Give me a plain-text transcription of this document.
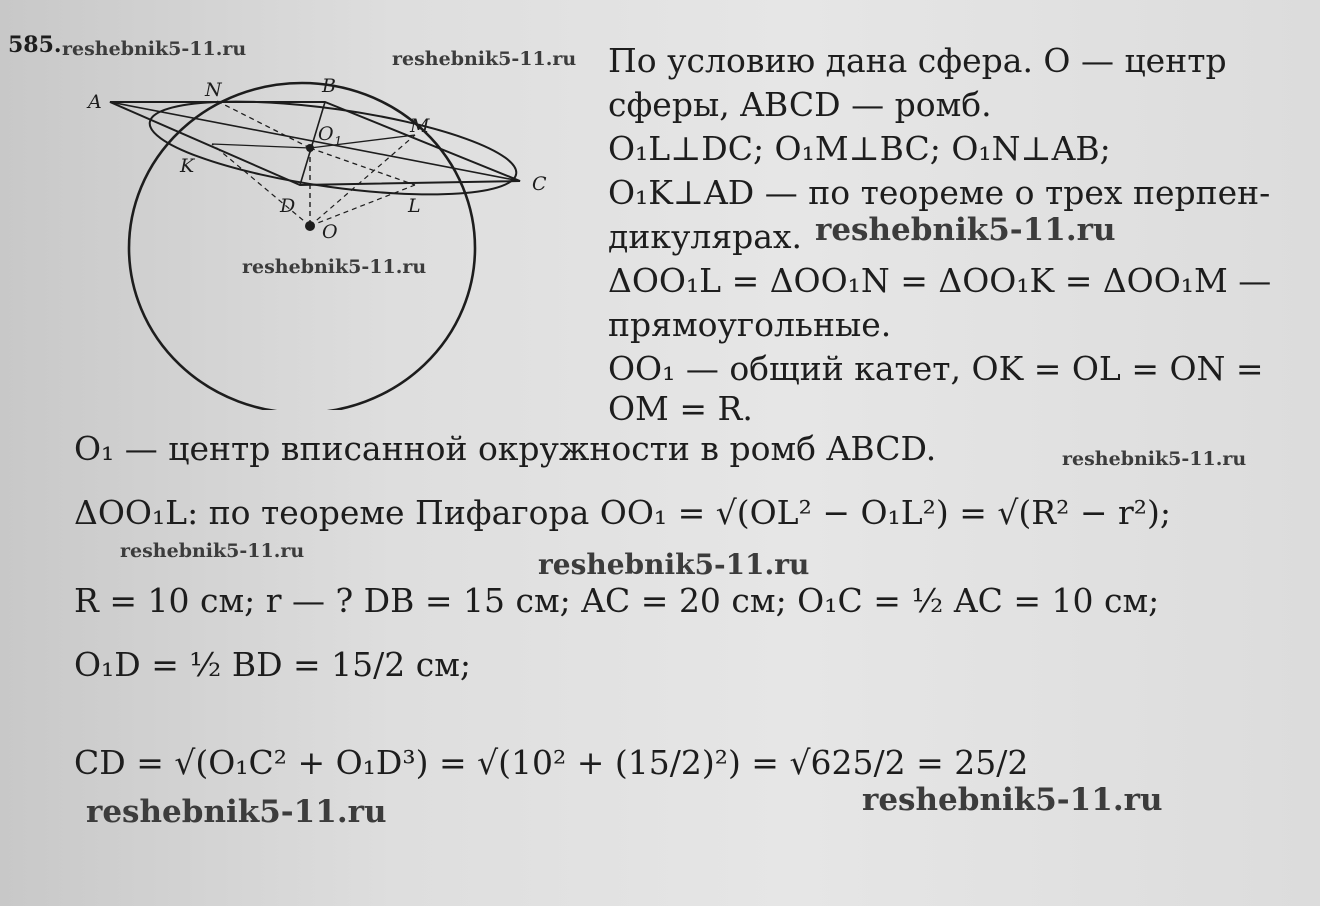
585. reshebnik5-11.ru	reshebnik5-11.ru
A
N	B
O 1
M
K
C
D	L
O
reshebnik5-11.ru
По условию дана сфера. O — центр
сферы, ABCD — ромб.
O₁L⊥DC; O₁M⊥BC; O₁N⊥AB;
O₁K⊥AD — по теореме о трех перпен-
дикулярах. reshebnik5-11.ru
ΔOO₁L = ΔOO₁N = ΔOO₁K = ΔOO₁M —
прямоугольные.
OO₁ — общий катет, OK = OL = ON =
OM = R.
O₁ — центр вписанной окружности в ромб ABCD.	reshebnik5-11.ru
ΔOO₁L: по теореме Пифагора OO₁ = √(OL² − O₁L²) = √(R² − r²);
reshebnik5-11.ru	reshebnik5-11.ru
R = 10 см; r — ? DB = 15 см; AC = 20 см; O₁C = ½ AC = 10 см;
O₁D = ½ BD = 15/2 см;
CD = √(O₁C² + O₁D³) = √(10² + (15/2)²) = √625/2 = 25/2
reshebnik5-11.ru	reshebnik5-11.ru
